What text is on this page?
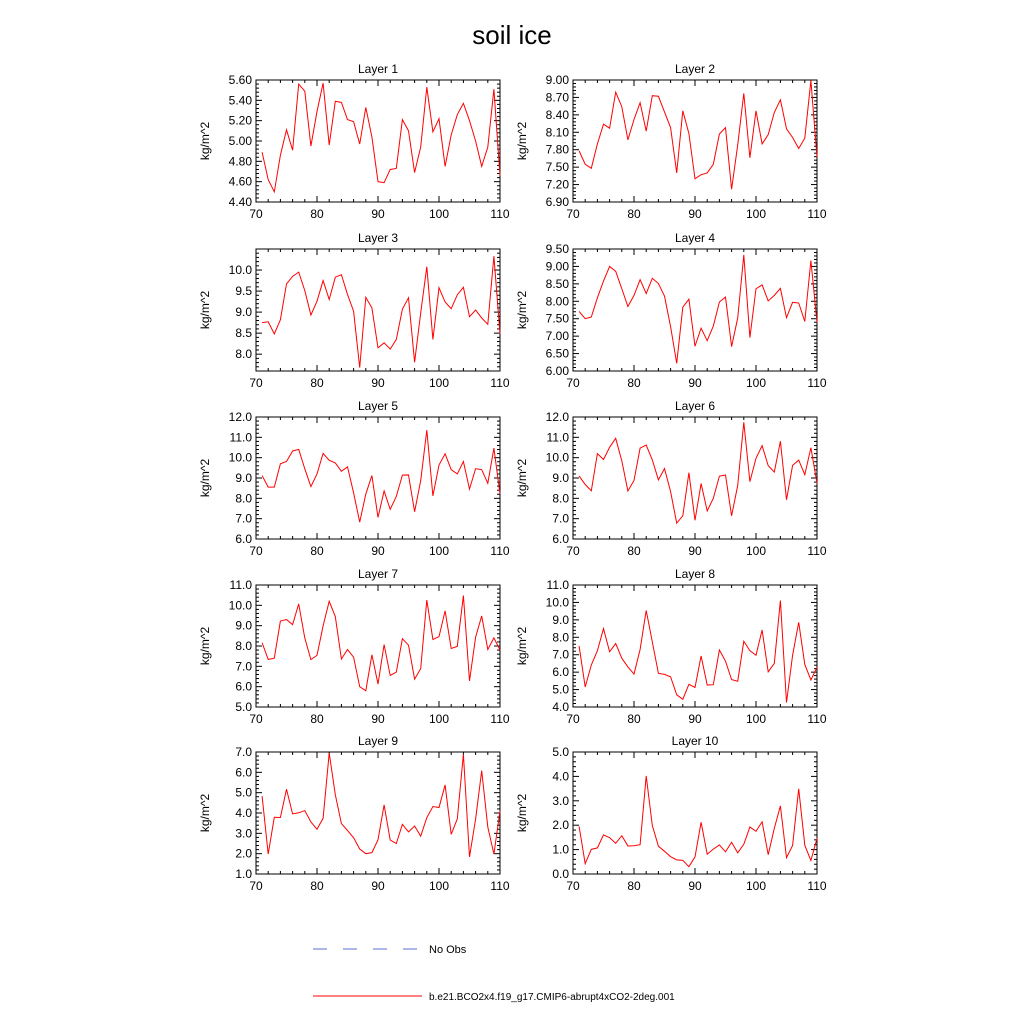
soil ice
Layer 1
kg/m^2
70	80	90	100	110
4.40
4.60
4.80
5.00
5.20
5.40
5.60
Layer 2
kg/m^2
70	80	90	100	110
6.90
7.20
7.50
7.80
8.10
8.40
8.70
9.00
Layer 3
kg/m^2
70	80	90	100	110
8.0
8.5
9.0
9.5
10.0
Layer 4
kg/m^2
70	80	90	100	110
6.00
6.50
7.00
7.50
8.00
8.50
9.00
9.50
Layer 5
kg/m^2
70	80	90	100	110
6.0
7.0
8.0
9.0
10.0
11.0
12.0
Layer 6
kg/m^2
70	80	90	100	110
6.0
7.0
8.0
9.0
10.0
11.0
12.0
Layer 7
kg/m^2
70	80	90	100	110
5.0
6.0
7.0
8.0
9.0
10.0
11.0
Layer 8
kg/m^2
70	80	90	100	110
4.0
5.0
6.0
7.0
8.0
9.0
10.0
11.0
Layer 9
kg/m^2
70	80	90	100	110
1.0
2.0
3.0
4.0
5.0
6.0
7.0
Layer 10
kg/m^2
70	80	90	100	110
0.0
1.0
2.0
3.0
4.0
5.0
No Obs
b.e21.BCO2x4.f19_g17.CMIP6-abrupt4xCO2-2deg.001
